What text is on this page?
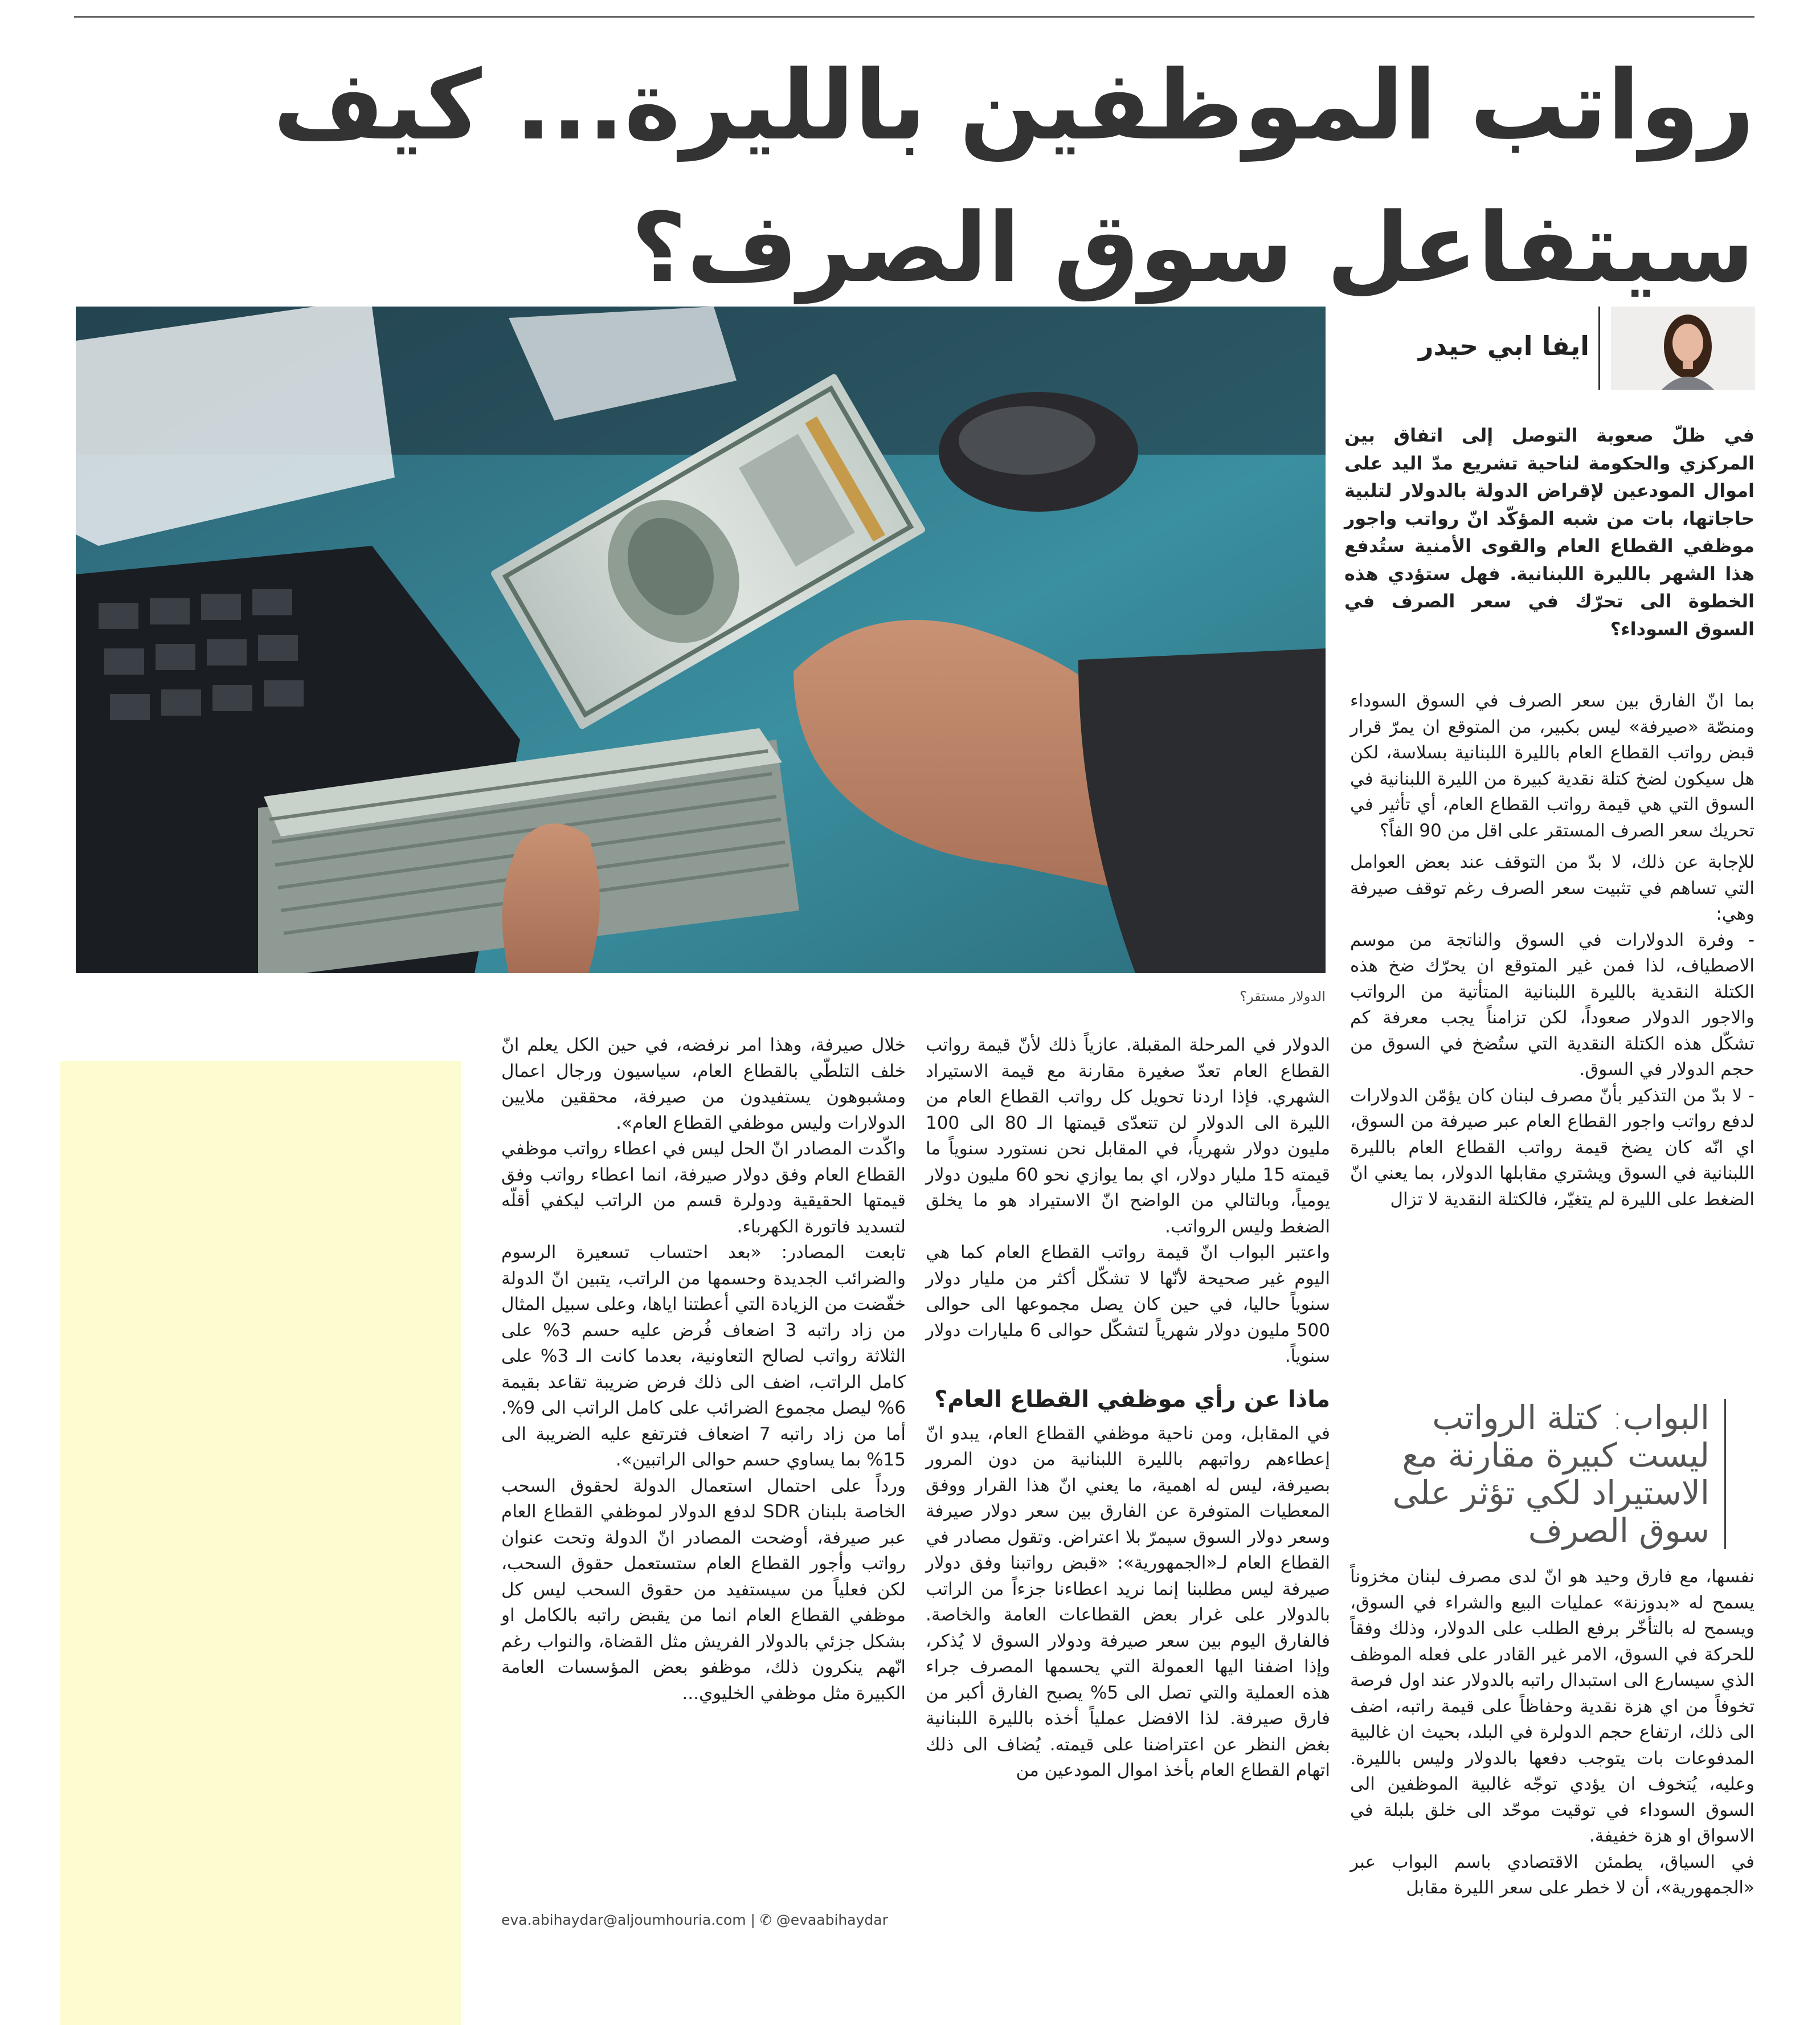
رواتب الموظفين بالليرة... كيف سيتفاعل سوق الصرف؟
ايفا ابي حيدر
الدولار مستقر؟
في ظلّ صعوبة التوصل إلى اتفاق بين المركزي والحكومة لناحية تشريع مدّ اليد على اموال المودعين لإقراض الدولة بالدولار لتلبية حاجاتها، بات من شبه المؤكّد انّ رواتب واجور موظفي القطاع العام والقوى الأمنية ستُدفع هذا الشهر بالليرة اللبنانية. فهل ستؤدي هذه الخطوة الى تحرّك في سعر الصرف في السوق السوداء؟

بما انّ الفارق بين سعر الصرف في السوق السوداء ومنصّة «صيرفة» ليس بكبير، من المتوقع ان يمرّ قرار قبض رواتب القطاع العام بالليرة اللبنانية بسلاسة، لكن هل سيكون لضخ كتلة نقدية كبيرة من الليرة اللبنانية في السوق التي هي قيمة رواتب القطاع العام، أي تأثير في تحريك سعر الصرف المستقر على اقل من 90 الفاً؟

للإجابة عن ذلك، لا بدّ من التوقف عند بعض العوامل التي تساهم في تثبيت سعر الصرف رغم توقف صيرفة وهي:

- وفرة الدولارات في السوق والناتجة من موسم الاصطياف، لذا فمن غير المتوقع ان يحرّك ضخ هذه الكتلة النقدية بالليرة اللبنانية المتأتية من الرواتب والاجور الدولار صعوداً، لكن تزامناً يجب معرفة كم تشكّل هذه الكتلة النقدية التي ستُضخ في السوق من حجم الدولار في السوق.

- لا بدّ من التذكير بأنّ مصرف لبنان كان يؤمّن الدولارات لدفع رواتب واجور القطاع العام عبر صيرفة من السوق، اي انّه كان يضخ قيمة رواتب القطاع العام بالليرة اللبنانية في السوق ويشتري مقابلها الدولار، بما يعني انّ الضغط على الليرة لم يتغيّر، فالكتلة النقدية لا تزال

البواب: كتلة الرواتب ليست كبيرة مقارنة مع الاستيراد لكي تؤثر على سوق الصرف

نفسها، مع فارق وحيد هو انّ لدى مصرف لبنان مخزوناً يسمح له «بدوزنة» عمليات البيع والشراء في السوق، ويسمح له بالتأخّر برفع الطلب على الدولار، وذلك وفقاً للحركة في السوق، الامر غير القادر على فعله الموظف الذي سيسارع الى استبدال راتبه بالدولار عند اول فرصة تخوفاً من اي هزة نقدية وحفاظاً على قيمة راتبه، اضف الى ذلك، ارتفاع حجم الدولرة في البلد، بحيث ان غالبية المدفوعات بات يتوجب دفعها بالدولار وليس بالليرة. وعليه، يُتخوف ان يؤدي توجّه غالبية الموظفين الى السوق السوداء في توقيت موحّد الى خلق بلبلة في الاسواق او هزة خفيفة.

في السياق، يطمئن الاقتصادي باسم البواب عبر «الجمهورية»، أن لا خطر على سعر الليرة مقابل

الدولار في المرحلة المقبلة. عازياً ذلك لأنّ قيمة رواتب القطاع العام تعدّ صغيرة مقارنة مع قيمة الاستيراد الشهري. فإذا اردنا تحويل كل رواتب القطاع العام من الليرة الى الدولار لن تتعدّى قيمتها الـ 80 الى 100 مليون دولار شهرياً، في المقابل نحن نستورد سنوياً ما قيمته 15 مليار دولار، اي بما يوازي نحو 60 مليون دولار يومياً، وبالتالي من الواضح انّ الاستيراد هو ما يخلق الضغط وليس الرواتب.

واعتبر البواب انّ قيمة رواتب القطاع العام كما هي اليوم غير صحيحة لأنّها لا تشكّل أكثر من مليار دولار سنوياً حاليا، في حين كان يصل مجموعها الى حوالى 500 مليون دولار شهرياً لتشكّل حوالى 6 مليارات دولار سنوياً.

ماذا عن رأي موظفي القطاع العام؟

في المقابل، ومن ناحية موظفي القطاع العام، يبدو انّ إعطاءهم رواتبهم بالليرة اللبنانية من دون المرور بصيرفة، ليس له اهمية، ما يعني انّ هذا القرار ووفق المعطيات المتوفرة عن الفارق بين سعر دولار صيرفة وسعر دولار السوق سيمرّ بلا اعتراض. وتقول مصادر في القطاع العام لـ«الجمهورية»: «قبض رواتبنا وفق دولار صيرفة ليس مطلبنا إنما نريد اعطاءنا جزءاً من الراتب بالدولار على غرار بعض القطاعات العامة والخاصة. فالفارق اليوم بين سعر صيرفة ودولار السوق لا يُذكر، وإذا اضفنا اليها العمولة التي يحسمها المصرف جراء هذه العملية والتي تصل الى 5% يصبح الفارق أكبر من فارق صيرفة. لذا الافضل عملياً أخذه بالليرة اللبنانية بغض النظر عن اعتراضنا على قيمته. يُضاف الى ذلك اتهام القطاع العام بأخذ اموال المودعين من

خلال صيرفة، وهذا امر نرفضه، في حين الكل يعلم انّ خلف التلطّي بالقطاع العام، سياسيون ورجال اعمال ومشبوهون يستفيدون من صيرفة، محققين ملايين الدولارات وليس موظفي القطاع العام».

واكّدت المصادر انّ الحل ليس في اعطاء رواتب موظفي القطاع العام وفق دولار صيرفة، انما اعطاء رواتب وفق قيمتها الحقيقية ودولرة قسم من الراتب ليكفي أقلّه لتسديد فاتورة الكهرباء.

تابعت المصادر: «بعد احتساب تسعيرة الرسوم والضرائب الجديدة وحسمها من الراتب، يتبين انّ الدولة خفّضت من الزيادة التي أعطتنا اياها، وعلى سبيل المثال من زاد راتبه 3 اضعاف فُرض عليه حسم 3% على الثلاثة رواتب لصالح التعاونية، بعدما كانت الـ 3% على كامل الراتب، اضف الى ذلك فرض ضريبة تقاعد بقيمة 6% ليصل مجموع الضرائب على كامل الراتب الى 9%. أما من زاد راتبه 7 اضعاف فترتفع عليه الضريبة الى 15% بما يساوي حسم حوالى الراتبين».

ورداً على احتمال استعمال الدولة لحقوق السحب الخاصة بلبنان SDR لدفع الدولار لموظفي القطاع العام عبر صيرفة، أوضحت المصادر انّ الدولة وتحت عنوان رواتب وأجور القطاع العام ستستعمل حقوق السحب، لكن فعلياً من سيستفيد من حقوق السحب ليس كل موظفي القطاع العام انما من يقبض راتبه بالكامل او بشكل جزئي بالدولار الفريش مثل القضاة، والنواب رغم انّهم ينكرون ذلك، موظفو بعض المؤسسات العامة الكبيرة مثل موظفي الخليوي...

eva.abihaydar@aljoumhouria.com | ✆ @evaabihaydar
